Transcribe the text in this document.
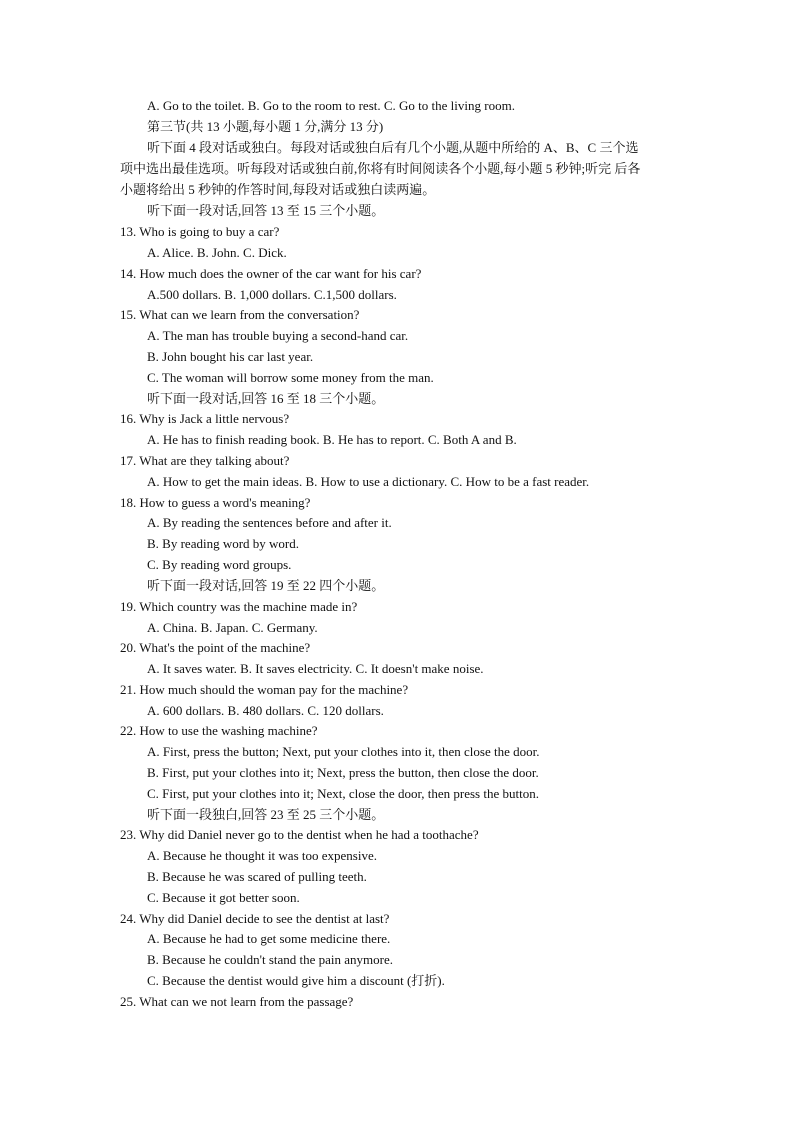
A. Go to the toilet. B. Go to the room to rest. C. Go to the living room.
第三节(共 13 小题,每小题 1 分,满分 13 分)
听下面 4 段对话或独白。每段对话或独白后有几个小题,从题中所给的 A、B、C 三个选
项中选出最佳选项。听每段对话或独白前,你将有时间阅读各个小题,每小题 5 秒钟;听完 后各
小题将给出 5 秒钟的作答时间,每段对话或独白读两遍。
听下面一段对话,回答 13 至 15 三个小题。
13. Who is going to buy a car?
A. Alice. B. John. C. Dick.
14. How much does the owner of the car want for his car?
A.500 dollars. B. 1,000 dollars. C.1,500 dollars.
15. What can we learn from the conversation?
A. The man has trouble buying a second-hand car.
B. John bought his car last year.
C. The woman will borrow some money from the man.
听下面一段对话,回答 16 至 18 三个小题。
16. Why is Jack a little nervous?
A. He has to finish reading book. B. He has to report. C. Both A and B.
17. What are they talking about?
A. How to get the main ideas. B. How to use a dictionary. C. How to be a fast reader.
18. How to guess a word's meaning?
A. By reading the sentences before and after it.
B. By reading word by word.
C. By reading word groups.
听下面一段对话,回答 19 至 22 四个小题。
19. Which country was the machine made in?
A. China. B. Japan. C. Germany.
20. What's the point of the machine?
A. It saves water. B. It saves electricity. C. It doesn't make noise.
21. How much should the woman pay for the machine?
A. 600 dollars. B. 480 dollars. C. 120 dollars.
22. How to use the washing machine?
A. First, press the button; Next, put your clothes into it, then close the door.
B. First, put your clothes into it; Next, press the button, then close the door.
C. First, put your clothes into it; Next, close the door, then press the button.
听下面一段独白,回答 23 至 25 三个小题。
23. Why did Daniel never go to the dentist when he had a toothache?
A. Because he thought it was too expensive.
B. Because he was scared of pulling teeth.
C. Because it got better soon.
24. Why did Daniel decide to see the dentist at last?
A. Because he had to get some medicine there.
B. Because he couldn't stand the pain anymore.
C. Because the dentist would give him a discount (打折).
25. What can we not learn from the passage?
